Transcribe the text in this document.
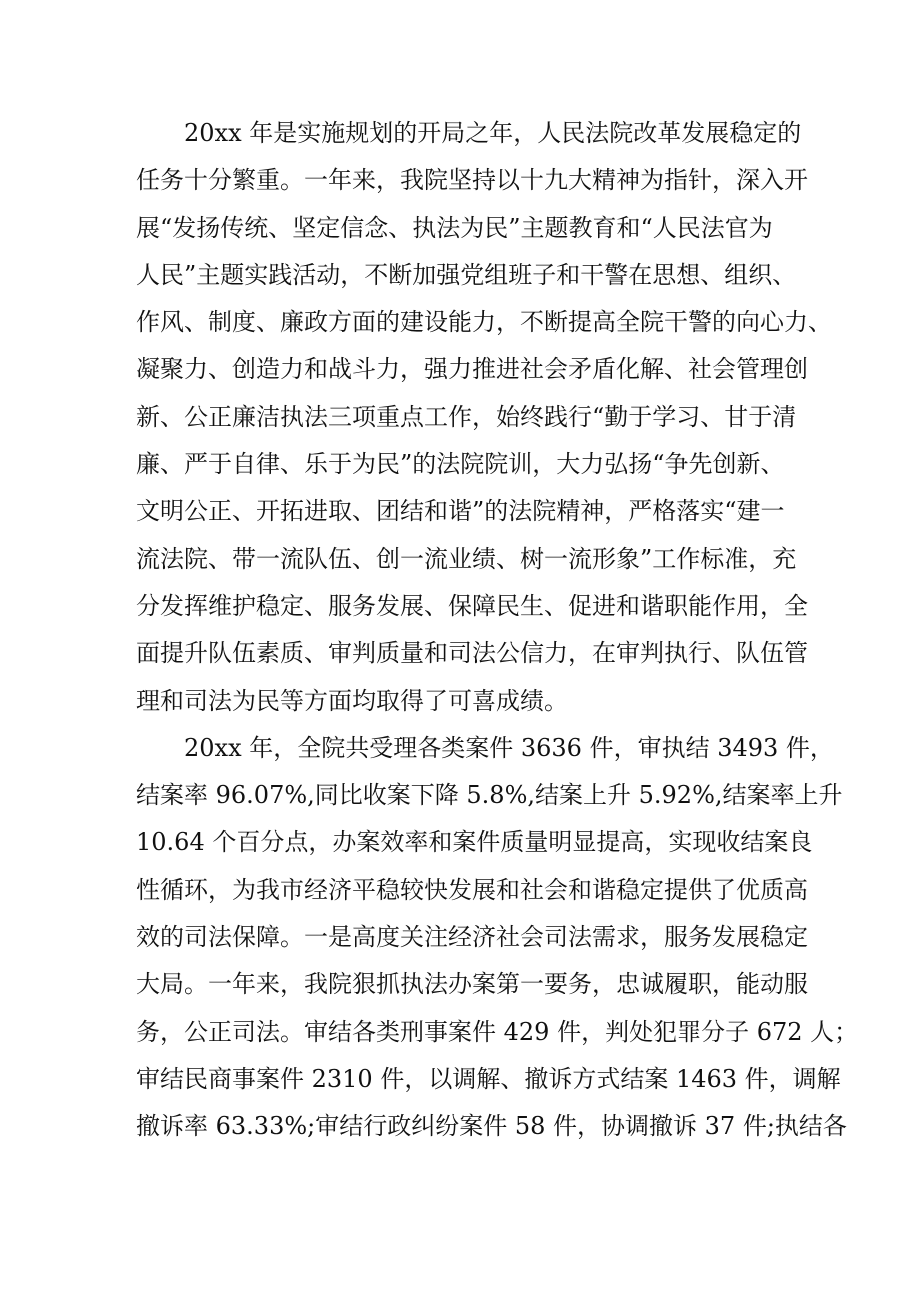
20xx 年是实施规划的开局之年，人民法院改革发展稳定的
任务十分繁重。一年来，我院坚持以十九大精神为指针，深入开
展“发扬传统、坚定信念、执法为民”主题教育和“人民法官为
人民”主题实践活动，不断加强党组班子和干警在思想、组织、
作风、制度、廉政方面的建设能力，不断提高全院干警的向心力、
凝聚力、创造力和战斗力，强力推进社会矛盾化解、社会管理创
新、公正廉洁执法三项重点工作，始终践行“勤于学习、甘于清
廉、严于自律、乐于为民”的法院院训，大力弘扬“争先创新、
文明公正、开拓进取、团结和谐”的法院精神，严格落实“建一
流法院、带一流队伍、创一流业绩、树一流形象”工作标准，充
分发挥维护稳定、服务发展、保障民生、促进和谐职能作用，全
面提升队伍素质、审判质量和司法公信力，在审判执行、队伍管
理和司法为民等方面均取得了可喜成绩。
20xx 年，全院共受理各类案件 3636 件，审执结 3493 件，
结案率 96.07%,同比收案下降 5.8%,结案上升 5.92%,结案率上升
10.64 个百分点，办案效率和案件质量明显提高，实现收结案良
性循环，为我市经济平稳较快发展和社会和谐稳定提供了优质高
效的司法保障。一是高度关注经济社会司法需求，服务发展稳定
大局。一年来，我院狠抓执法办案第一要务，忠诚履职，能动服
务，公正司法。审结各类刑事案件 429 件，判处犯罪分子 672 人；
审结民商事案件 2310 件，以调解、撤诉方式结案 1463 件，调解
撤诉率 63.33%;审结行政纠纷案件 58 件，协调撤诉 37 件;执结各
